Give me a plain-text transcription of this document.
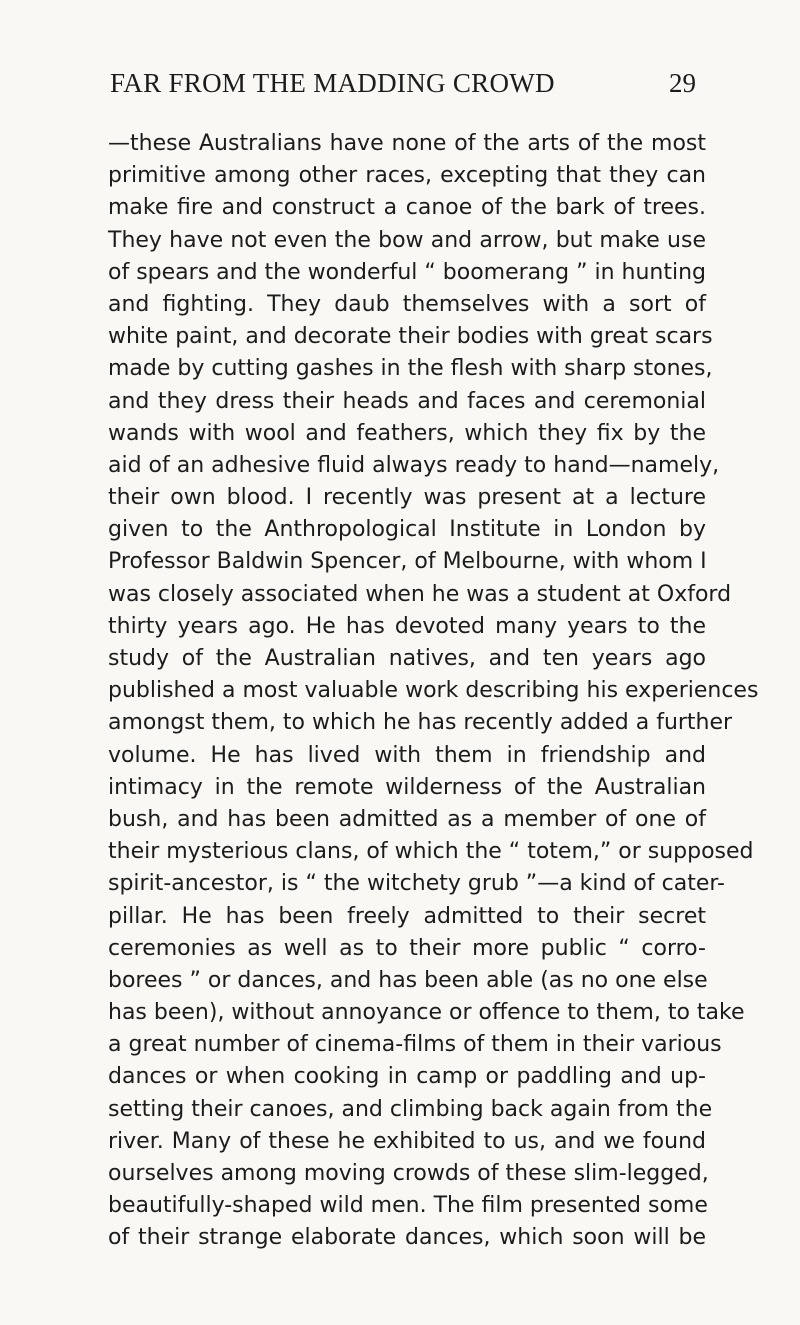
FAR FROM THE MADDING CROWD	29
—these Australians have none of the arts of the most
primitive among other races, excepting that they can
make fire and construct a canoe of the bark of trees.
They have not even the bow and arrow, but make use
of spears and the wonderful “ boomerang ” in hunting
and fighting. They daub themselves with a sort of
white paint, and decorate their bodies with great scars
made by cutting gashes in the flesh with sharp stones,
and they dress their heads and faces and ceremonial
wands with wool and feathers, which they fix by the
aid of an adhesive fluid always ready to hand—namely,
their own blood. I recently was present at a lecture
given to the Anthropological Institute in London by
Professor Baldwin Spencer, of Melbourne, with whom I
was closely associated when he was a student at Oxford
thirty years ago. He has devoted many years to the
study of the Australian natives, and ten years ago
published a most valuable work describing his experiences
amongst them, to which he has recently added a further
volume. He has lived with them in friendship and
intimacy in the remote wilderness of the Australian
bush, and has been admitted as a member of one of
their mysterious clans, of which the “ totem,” or supposed
spirit-ancestor, is “ the witchety grub ”—a kind of cater-
pillar. He has been freely admitted to their secret
ceremonies as well as to their more public “ corro-
borees ” or dances, and has been able (as no one else
has been), without annoyance or offence to them, to take
a great number of cinema-films of them in their various
dances or when cooking in camp or paddling and up-
setting their canoes, and climbing back again from the
river. Many of these he exhibited to us, and we found
ourselves among moving crowds of these slim-legged,
beautifully-shaped wild men. The film presented some
of their strange elaborate dances, which soon will be
